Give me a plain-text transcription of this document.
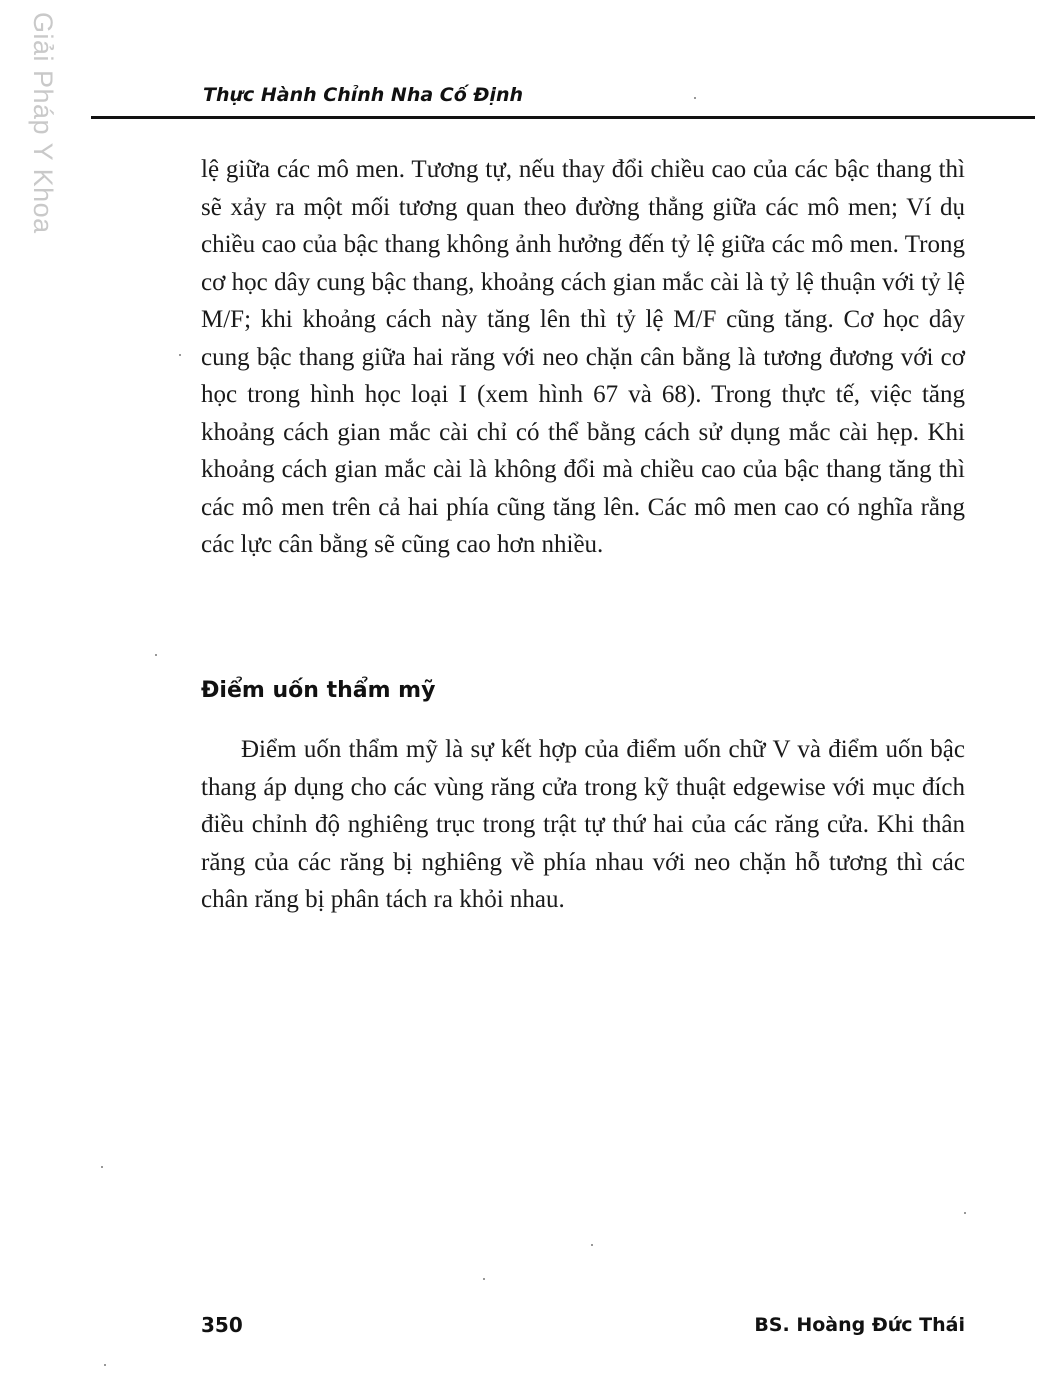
Giải Pháp Y Khoa	Thực Hành Chỉnh Nha Cố Định

lệ giữa các mô men. Tương tự, nếu thay đổi chiều cao của các bậc thang thì sẽ xảy ra một mối tương quan theo đường thẳng giữa các mô men; Ví dụ chiều cao của bậc thang không ảnh hưởng đến tỷ lệ giữa các mô men. Trong cơ học dây cung bậc thang, khoảng cách gian mắc cài là tỷ lệ thuận với tỷ lệ M/F; khi khoảng cách này tăng lên thì tỷ lệ M/F cũng tăng. Cơ học dây cung bậc thang giữa hai răng với neo chặn cân bằng là tương đương với cơ học trong hình học loại I (xem hình 67 và 68). Trong thực tế, việc tăng khoảng cách gian mắc cài chỉ có thể bằng cách sử dụng mắc cài hẹp. Khi khoảng cách gian mắc cài là không đổi mà chiều cao của bậc thang tăng thì các mô men trên cả hai phía cũng tăng lên. Các mô men cao có nghĩa rằng các lực cân bằng sẽ cũng cao hơn nhiều.

Điểm uốn thẩm mỹ

Điểm uốn thẩm mỹ là sự kết hợp của điểm uốn chữ V và điểm uốn bậc thang áp dụng cho các vùng răng cửa trong kỹ thuật edgewise với mục đích điều chỉnh độ nghiêng trục trong trật tự thứ hai của các răng cửa. Khi thân răng của các răng bị nghiêng về phía nhau với neo chặn hỗ tương thì các chân răng bị phân tách ra khỏi nhau.

350	BS. Hoàng Đức Thái
